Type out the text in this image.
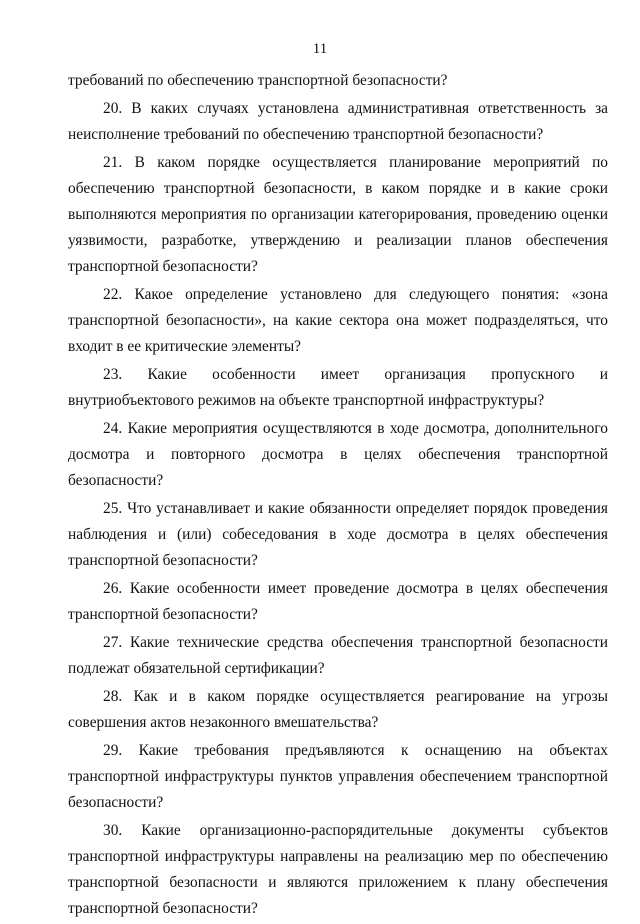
11

требований по обеспечению транспортной безопасности?

20. В каких случаях установлена административная ответственность за неисполнение требований по обеспечению транспортной безопасности?

21. В каком порядке осуществляется планирование мероприятий по обеспечению транспортной безопасности, в каком порядке и в какие сроки выполняются мероприятия по организации категорирования, проведению оценки уязвимости, разработке, утверждению и реализации планов обеспечения транспортной безопасности?

22. Какое определение установлено для следующего понятия: «зона транспортной безопасности», на какие сектора она может подразделяться, что входит в ее критические элементы?

23. Какие особенности имеет организация пропускного и внутриобъектового режимов на объекте транспортной инфраструктуры?

24. Какие мероприятия осуществляются в ходе досмотра, дополнительного досмотра и повторного досмотра в целях обеспечения транспортной безопасности?

25. Что устанавливает и какие обязанности определяет порядок проведения наблюдения и (или) собеседования в ходе досмотра в целях обеспечения транспортной безопасности?

26. Какие особенности имеет проведение досмотра в целях обеспечения транспортной безопасности?

27. Какие технические средства обеспечения транспортной безопасности подлежат обязательной сертификации?

28. Как и в каком порядке осуществляется реагирование на угрозы совершения актов незаконного вмешательства?

29. Какие требования предъявляются к оснащению на объектах транспортной инфраструктуры пунктов управления обеспечением транспортной безопасности?

30. Какие организационно-распорядительные документы субъектов транспортной инфраструктуры направлены на реализацию мер по обеспечению транспортной безопасности и являются приложением к плану обеспечения транспортной безопасности?
